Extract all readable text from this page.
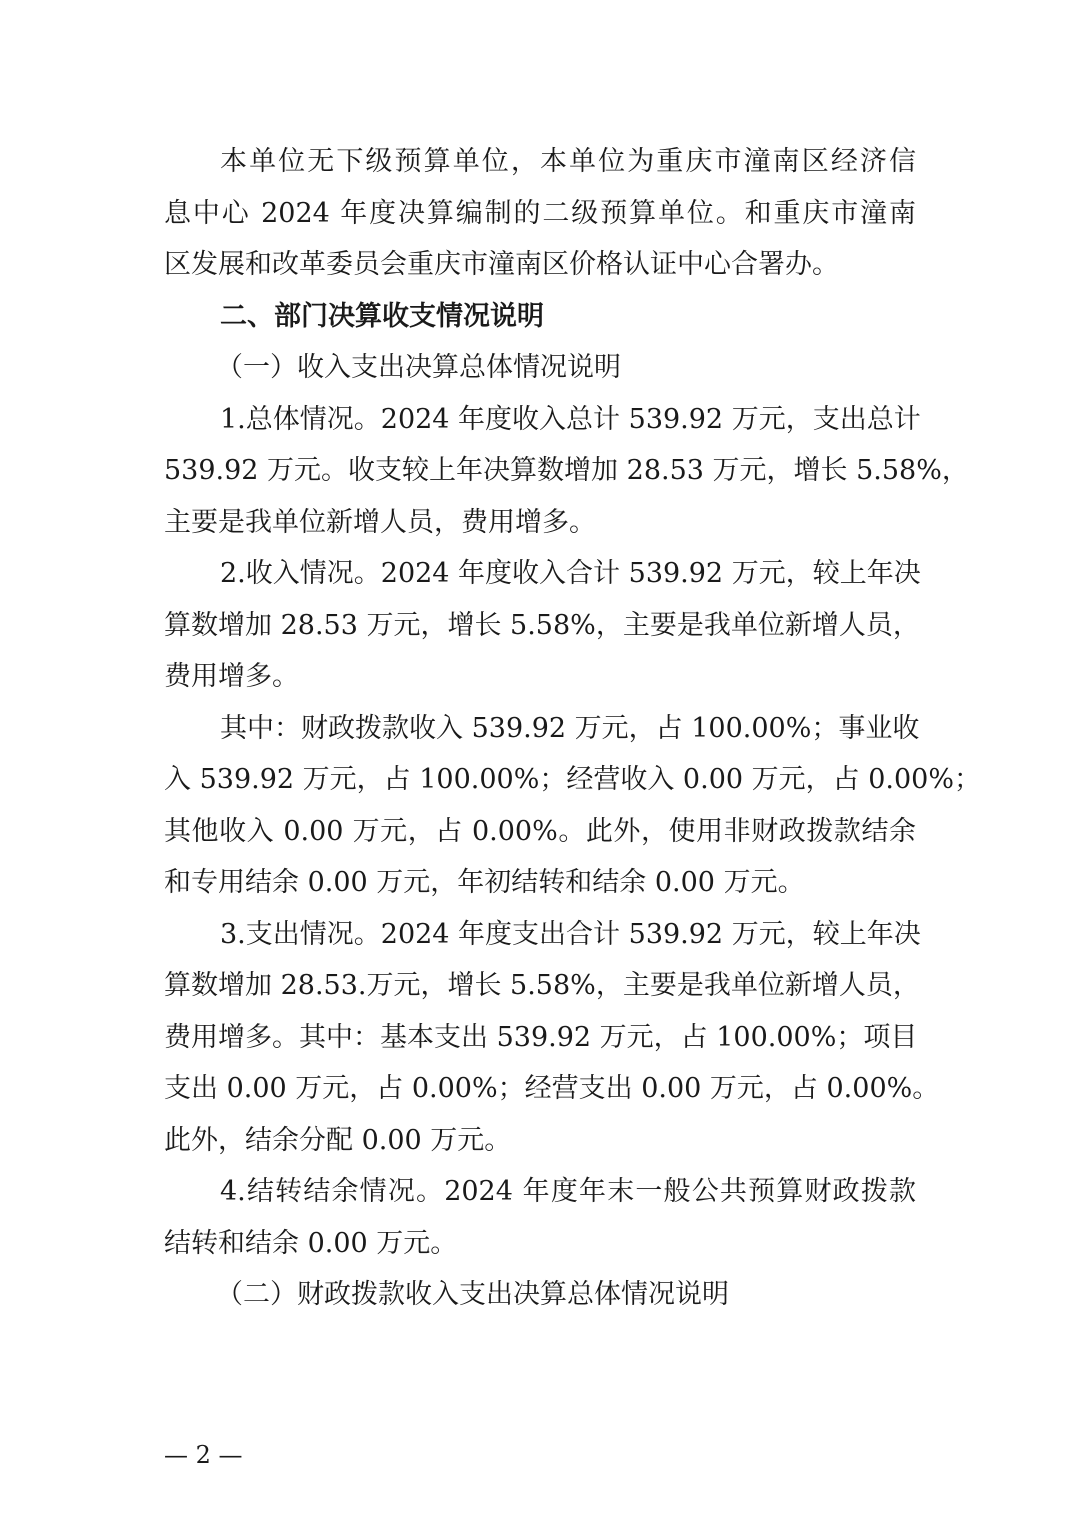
本单位无下级预算单位，本单位为重庆市潼南区经济信
息中心 2024 年度决算编制的二级预算单位。和重庆市潼南
区发展和改革委员会重庆市潼南区价格认证中心合署办。
二、部门决算收支情况说明
（一）收入支出决算总体情况说明
1.总体情况。2024 年度收入总计 539.92 万元，支出总计
539.92 万元。收支较上年决算数增加 28.53 万元，增长 5.58%，
主要是我单位新增人员，费用增多。
2.收入情况。2024 年度收入合计 539.92 万元，较上年决
算数增加 28.53 万元，增长 5.58%，主要是我单位新增人员，
费用增多。
其中：财政拨款收入 539.92 万元，占 100.00%；事业收
入 539.92 万元，占 100.00%；经营收入 0.00 万元，占 0.00%；
其他收入 0.00 万元，占 0.00%。此外，使用非财政拨款结余
和专用结余 0.00 万元，年初结转和结余 0.00 万元。
3.支出情况。2024 年度支出合计 539.92 万元，较上年决
算数增加 28.53.万元，增长 5.58%，主要是我单位新增人员，
费用增多。其中：基本支出 539.92 万元，占 100.00%；项目
支出 0.00 万元，占 0.00%；经营支出 0.00 万元，占 0.00%。
此外，结余分配 0.00 万元。
4.结转结余情况。2024 年度年末一般公共预算财政拨款
结转和结余 0.00 万元。
（二）财政拨款收入支出决算总体情况说明
— 2 —
